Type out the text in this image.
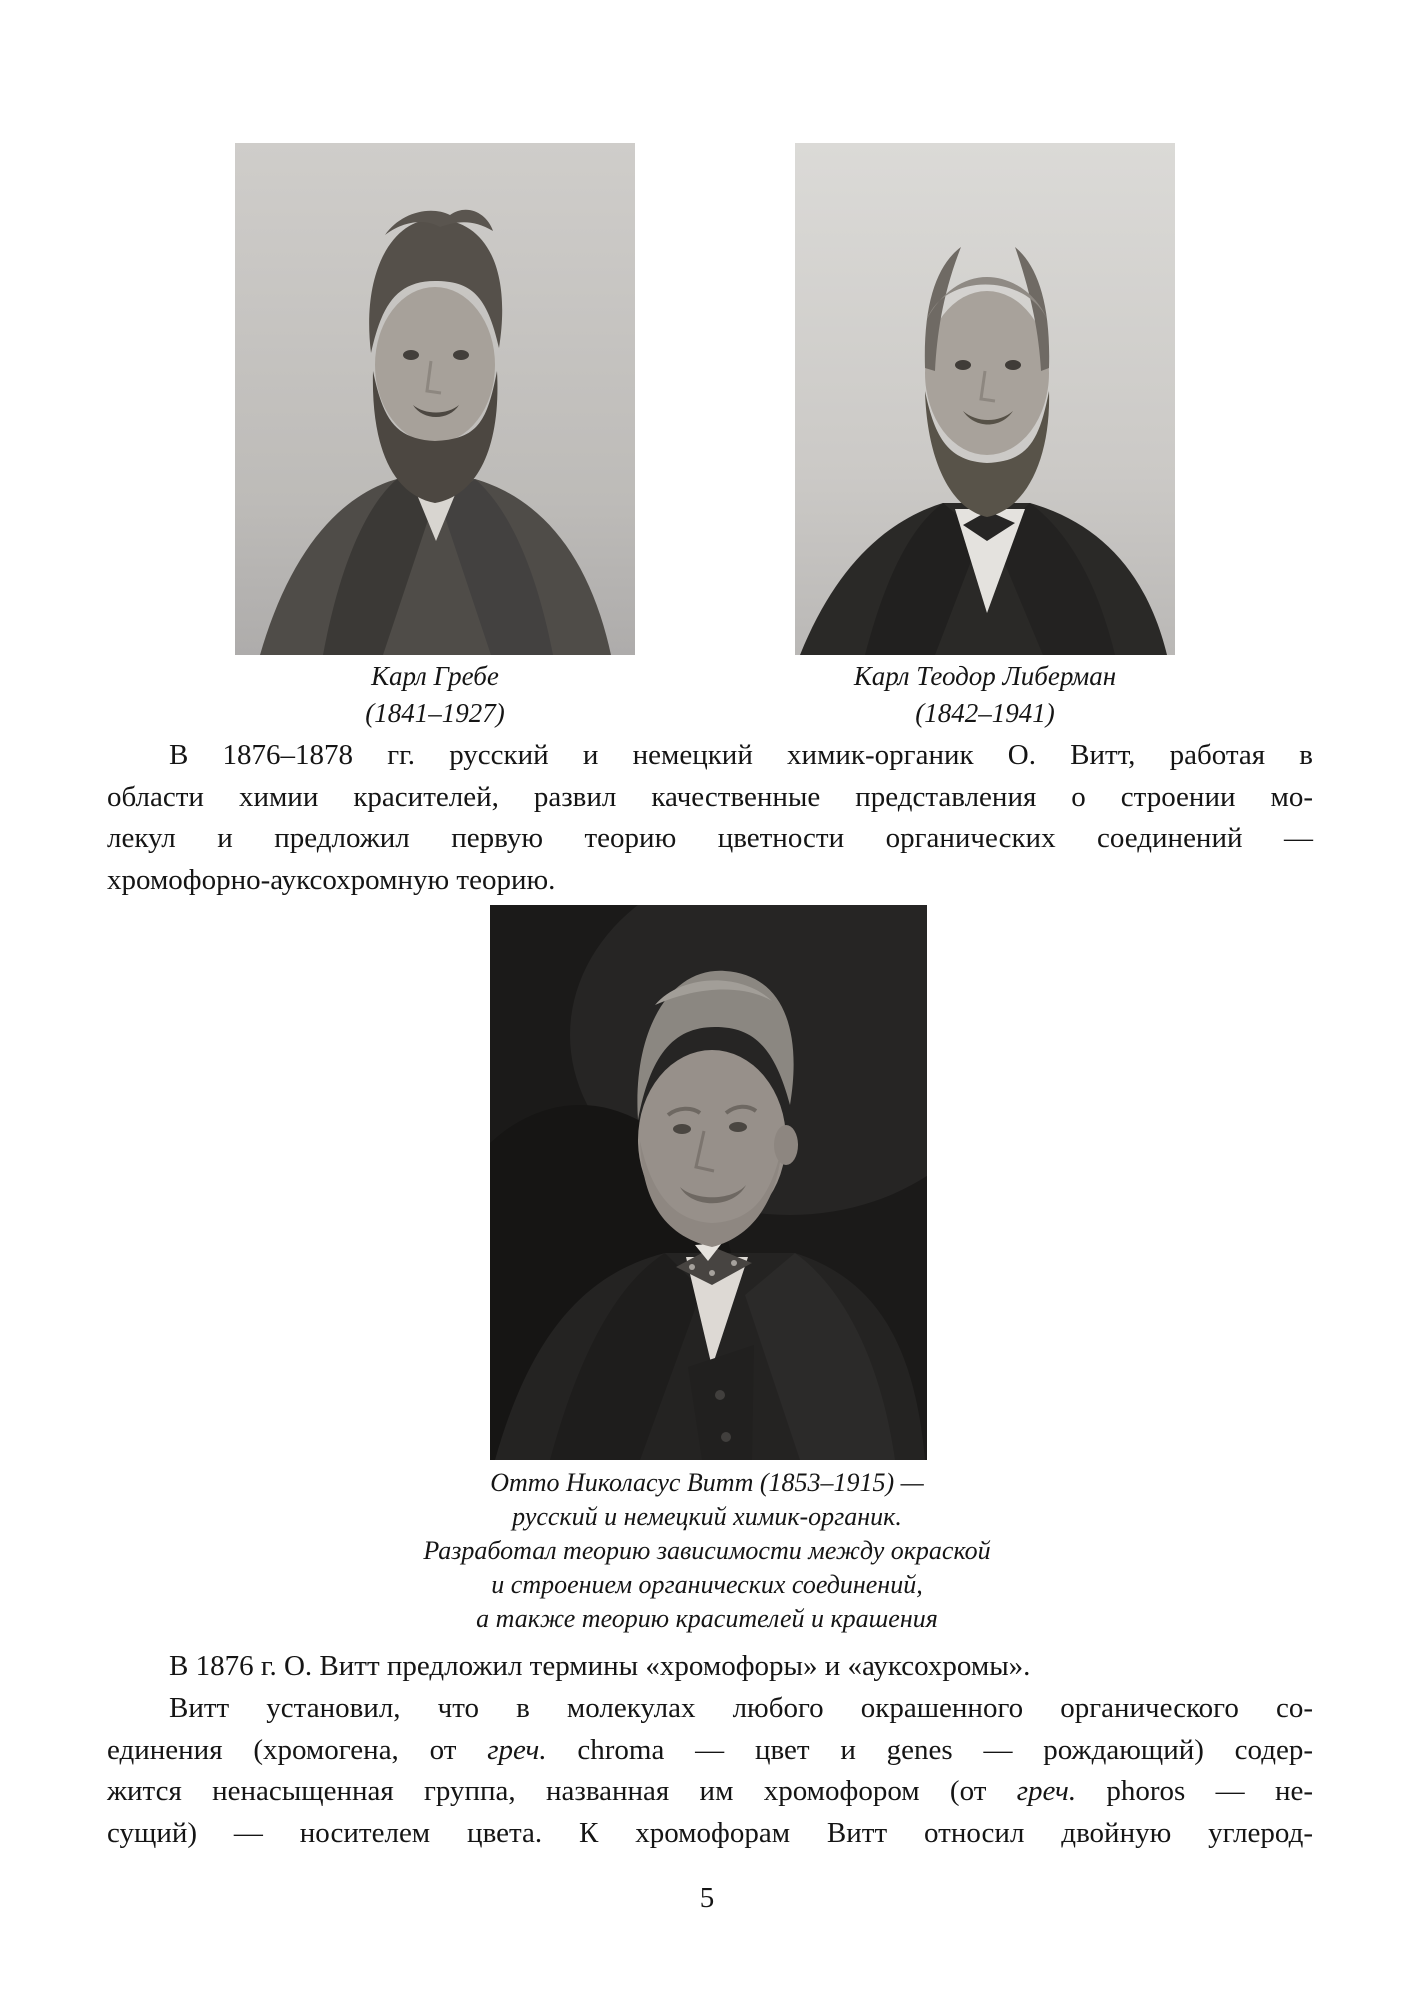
Карл Гребе
(1841–1927)
Карл Теодор Либерман
(1842–1941)
В 1876–1878 гг. русский и немецкий химик-органик О. Витт, работая в
области химии красителей, развил качественные представления о строении мо-
лекул и предложил первую теорию цветности органических соединений —
хромофорно-ауксохромную теорию.
Отто Николасус Витт (1853–1915) —
русский и немецкий химик-органик.
Разработал теорию зависимости между окраской
и строением органических соединений,
а также теорию красителей и крашения
В 1876 г. О. Витт предложил термины «хромофоры» и «ауксохромы».
Витт установил, что в молекулах любого окрашенного органического со-
единения (хромогена, от греч. chroma — цвет и genes — рождающий) содер-
жится ненасыщенная группа, названная им хромофором (от греч. phoros — не-
сущий) — носителем цвета. К хромофорам Витт относил двойную углерод-
5
